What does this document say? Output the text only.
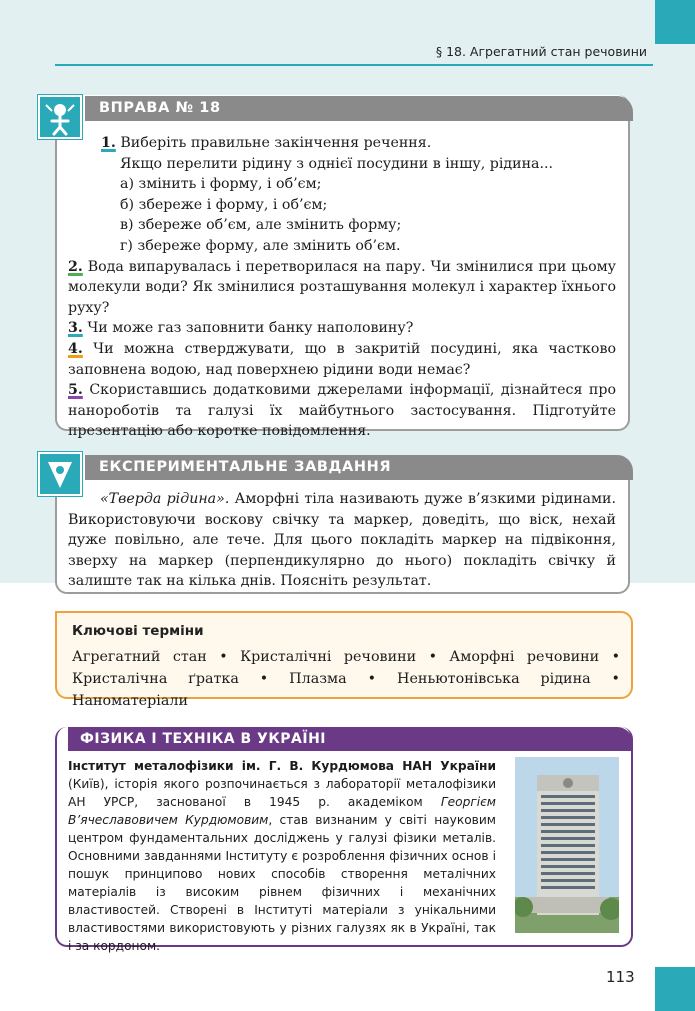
§ 18. Агрегатний стан речовини
ВПРАВА № 18

1. Виберіть правильне закінчення речення.

Якщо перелити рідину з однієї посудини в іншу, рідина...

а) змінить і форму, і об’єм;

б) збереже і форму, і об’єм;

в) збереже об’єм, але змінить форму;

г) збереже форму, але змінить об’єм.

2. Вода випарувалась і перетворилася на пару. Чи змінилися при цьому молекули води? Як змінилися розташування молекул і характер їхнього руху?

3. Чи може газ заповнити банку наполовину?

4. Чи можна стверджувати, що в закритій посудині, яка частково заповнена водою, над поверхнею рідини води немає?

5. Скориставшись додатковими джерелами інформації, дізнайтеся про нанороботів та галузі їх майбутнього застосування. Підготуйте презентацію або коротке повідомлення.

ЕКСПЕРИМЕНТАЛЬНЕ ЗАВДАННЯ

«Тверда рідина». Аморфні тіла називають дуже в’язкими рідинами. Використовуючи воскову свічку та маркер, доведіть, що віск, нехай дуже повільно, але тече. Для цього покладіть маркер на підвіконня, зверху на маркер (перпендикулярно до нього) покладіть свічку й залиште так на кілька днів. Поясніть результат.

Ключові терміни
Агрегатний стан • Кристалічні речовини • Аморфні речовини • Кристалічна ґратка • Плазма • Неньютонівська рідина • Наноматеріали
ФІЗИКА І ТЕХНІКА В УКРАЇНІ
Інститут металофізики ім. Г. В. Курдюмова НАН України (Київ), історія якого розпочинається з лабораторії металофізики АН УРСР, заснованої в 1945 р. академіком Георгієм В’ячеславовичем Курдюмовим, став визнаним у світі науковим центром фундаментальних досліджень у галузі фізики металів. Основними завданнями Інституту є розроблення фізичних основ і пошук принципово нових способів створення металічних матеріалів із високим рівнем фізичних і механічних властивостей. Створені в Інституті матеріали з унікальними властивостями використовують у різних галузях як в Україні, так і за кордоном.
113
